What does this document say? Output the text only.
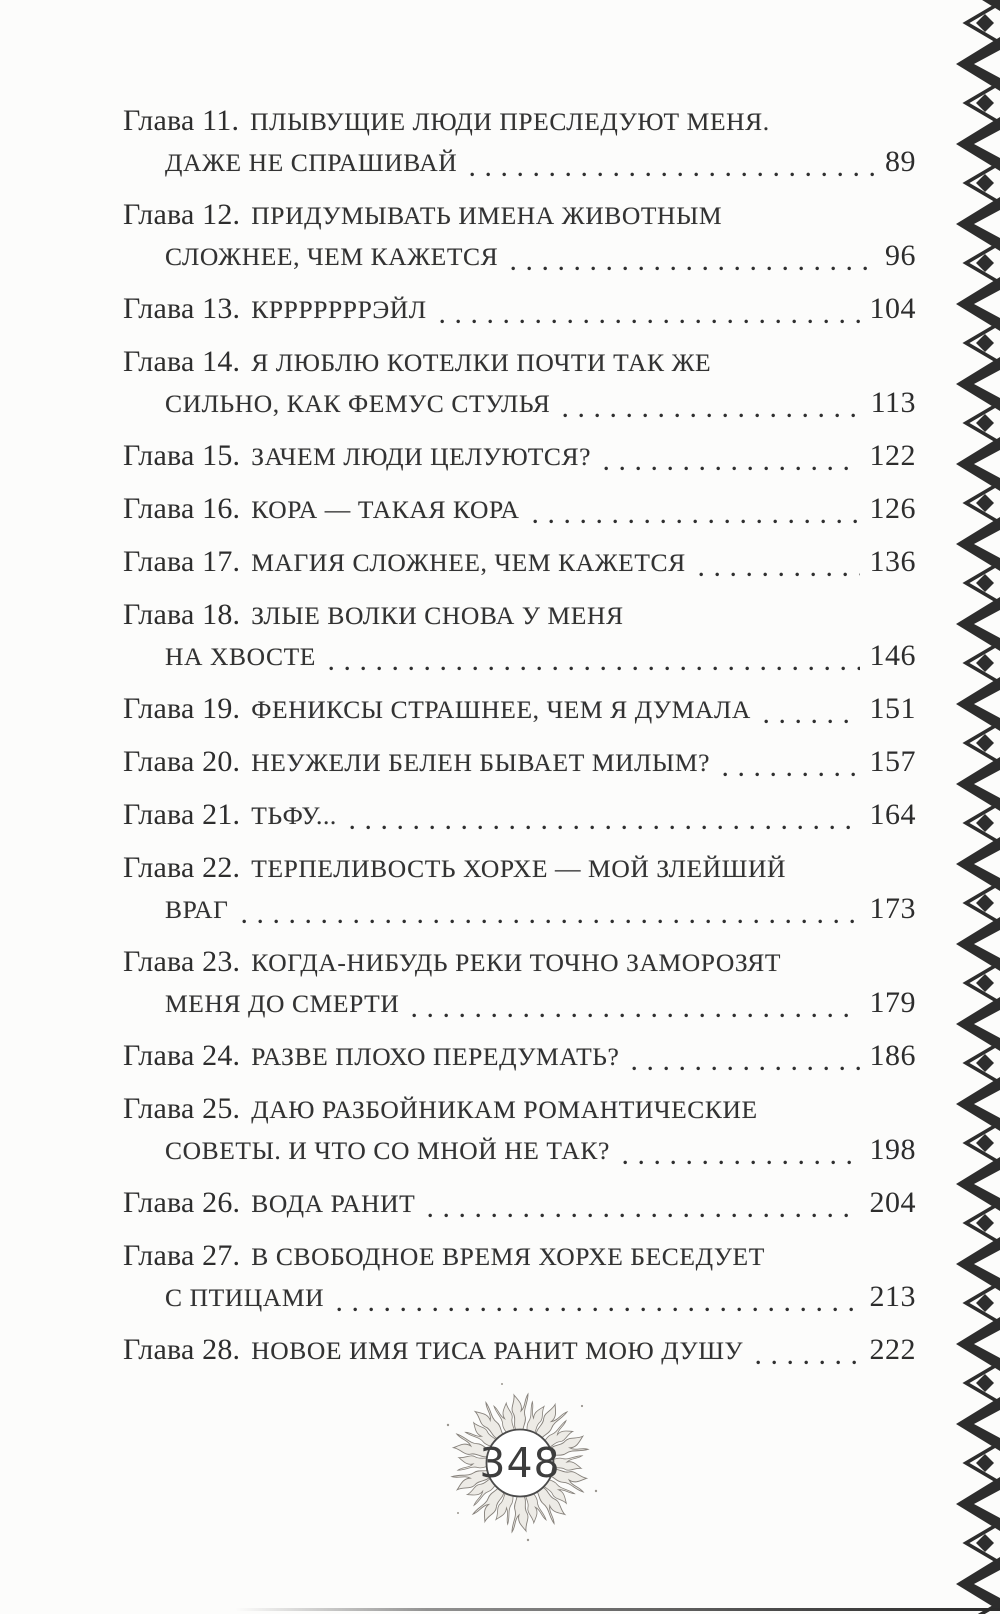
Глава 11. ПЛЫВУЩИЕ ЛЮДИ ПРЕСЛЕДУЮТ МЕНЯ.
ДАЖЕ НЕ СПРАШИВАЙ	89
Глава 12. ПРИДУМЫВАТЬ ИМЕНА ЖИВОТНЫМ
СЛОЖНЕЕ, ЧЕМ КАЖЕТСЯ	96
Глава 13. КРРРРРРРЭЙЛ	104
Глава 14. Я ЛЮБЛЮ КОТЕЛКИ ПОЧТИ ТАК ЖЕ
СИЛЬНО, КАК ФЕМУС СТУЛЬЯ	113
Глава 15. ЗАЧЕМ ЛЮДИ ЦЕЛУЮТСЯ?	122
Глава 16. КОРА — ТАКАЯ КОРА	126
Глава 17. МАГИЯ СЛОЖНЕЕ, ЧЕМ КАЖЕТСЯ	136
Глава 18. ЗЛЫЕ ВОЛКИ СНОВА У МЕНЯ
НА ХВОСТЕ	146
Глава 19. ФЕНИКСЫ СТРАШНЕЕ, ЧЕМ Я ДУМАЛА	151
Глава 20. НЕУЖЕЛИ БЕЛЕН БЫВАЕТ МИЛЫМ?	157
Глава 21. ТЬФУ...	164
Глава 22. ТЕРПЕЛИВОСТЬ ХОРХЕ — МОЙ ЗЛЕЙШИЙ
ВРАГ	173
Глава 23. КОГДА-НИБУДЬ РЕКИ ТОЧНО ЗАМОРОЗЯТ
МЕНЯ ДО СМЕРТИ	179
Глава 24. РАЗВЕ ПЛОХО ПЕРЕДУМАТЬ?	186
Глава 25. ДАЮ РАЗБОЙНИКАМ РОМАНТИЧЕСКИЕ
СОВЕТЫ. И ЧТО СО МНОЙ НЕ ТАК?	198
Глава 26. ВОДА РАНИТ	204
Глава 27. В СВОБОДНОЕ ВРЕМЯ ХОРХЕ БЕСЕДУЕТ
С ПТИЦАМИ	213
Глава 28. НОВОЕ ИМЯ ТИСА РАНИТ МОЮ ДУШУ	222
348
